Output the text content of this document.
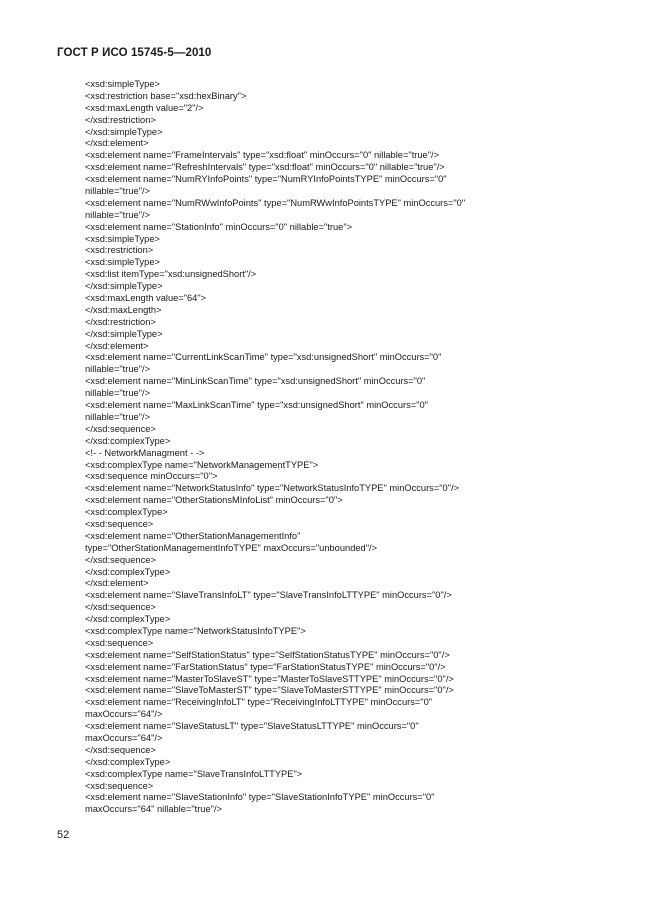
ГОСТ Р ИСО 15745-5—2010
<xsd:simpleType>
<xsd:restriction base="xsd:hexBinary">
<xsd:maxLength value="2"/>
</xsd:restriction>
</xsd:simpleType>
</xsd:element>
<xsd:element name="FrameIntervals" type="xsd:float" minOccurs="0" nillable="true"/>
<xsd:element name="RefreshIntervals" type="xsd:float" minOccurs="0" nillable="true"/>
<xsd:element name="NumRYInfoPoints" type="NumRYInfoPointsTYPE" minOccurs="0"
nillable="true"/>
<xsd:element name="NumRWwInfoPoints" type="NumRWwInfoPointsTYPE" minOccurs="0"
nillable="true"/>
<xsd:element name="StationInfo" minOccurs="0" nillable="true">
<xsd:simpleType>
<xsd:restriction>
<xsd:simpleType>
<xsd:list itemType="xsd:unsignedShort"/>
</xsd:simpleType>
<xsd:maxLength value="64">
</xsd:maxLength>
</xsd:restriction>
</xsd:simpleType>
</xsd:element>
<xsd:element name="CurrentLinkScanTime" type="xsd:unsignedShort" minOccurs="0"
nillable="true"/>
<xsd:element name="MinLinkScanTime" type="xsd:unsignedShort" minOccurs="0"
nillable="true"/>
<xsd:element name="MaxLinkScanTime" type="xsd:unsignedShort" minOccurs="0"
nillable="true"/>
</xsd:sequence>
</xsd:complexType>
<!- - NetworkManagment - ->
<xsd:complexType name="NetworkManagementTYPE">
<xsd:sequence minOccurs="0">
<xsd:element name="NetworkStatusInfo" type="NetworkStatusInfoTYPE" minOccurs="0"/>
<xsd:element name="OtherStationsMInfoList" minOccurs="0">
<xsd:complexType>
<xsd:sequence>
<xsd:element name="OtherStationManagementInfo"
type="OtherStationManagementInfoTYPE" maxOccurs="unbounded"/>
</xsd:sequence>
</xsd:complexType>
</xsd:element>
<xsd:element name="SlaveTransInfoLT" type="SlaveTransInfoLTTYPE" minOccurs="0"/>
</xsd:sequence>
</xsd:complexType>
<xsd:complexType name="NetworkStatusInfoTYPE">
<xsd:sequence>
<xsd:element name="SelfStationStatus" type="SelfStationStatusTYPE" minOccurs="0"/>
<xsd:element name="FarStationStatus" type="FarStationStatusTYPE" minOccurs="0"/>
<xsd:element name="MasterToSlaveST" type="MasterToSlaveSTTYPE" minOccurs="0"/>
<xsd:element name="SlaveToMasterST" type="SlaveToMasterSTTYPE" minOccurs="0"/>
<xsd:element name="ReceivingInfoLT" type="ReceivingInfoLTTYPE" minOccurs="0"
maxOccurs="64"/>
<xsd:element name="SlaveStatusLT" type="SlaveStatusLTTYPE" minOccurs="0"
maxOccurs="64"/>
</xsd:sequence>
</xsd:complexType>
<xsd:complexType name="SlaveTransInfoLTTYPE">
<xsd:sequence>
<xsd:element name="SlaveStationInfo" type="SlaveStationInfoTYPE" minOccurs="0"
maxOccurs="64" nillable="true"/>
52
